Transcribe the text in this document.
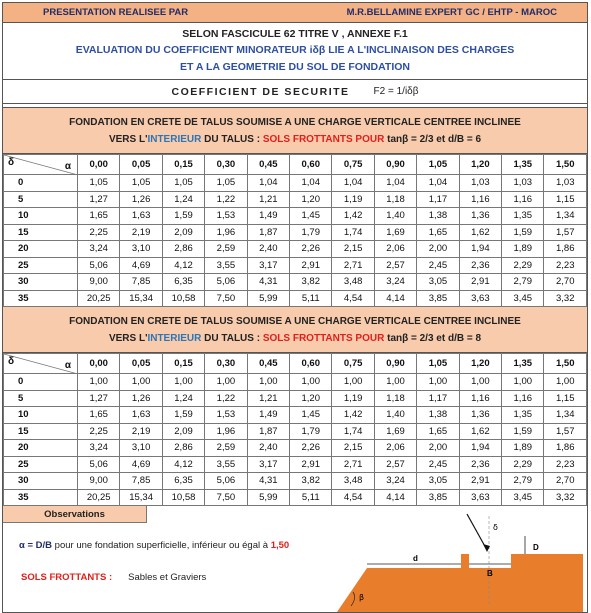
PRESENTATION REALISEE PAR	M.R.BELLAMINE EXPERT GC / EHTP - MAROC
SELON FASCICULE 62 TITRE V , ANNEXE F.1
EVALUATION DU COEFFICIENT MINORATEUR iδβ LIE A L'INCLINAISON DES CHARGES
ET A LA GEOMETRIE DU SOL DE FONDATION
COEFFICIENT DE SECURITE F2 = 1/iδβ
FONDATION EN CRETE DE TALUS SOUMISE A UNE CHARGE VERTICALE CENTREE INCLINEE
VERS L'INTERIEUR DU TALUS : SOLS FROTTANTS POUR tanβ = 2/3 et d/B = 6
δ α	0,00	0,05	0,15	0,30	0,45	0,60	0,75	0,90	1,05	1,20	1,35	1,50
0	1,05	1,05	1,05	1,05	1,04	1,04	1,04	1,04	1,04	1,03	1,03	1,03
5	1,27	1,26	1,24	1,22	1,21	1,20	1,19	1,18	1,17	1,16	1,16	1,15
10	1,65	1,63	1,59	1,53	1,49	1,45	1,42	1,40	1,38	1,36	1,35	1,34
15	2,25	2,19	2,09	1,96	1,87	1,79	1,74	1,69	1,65	1,62	1,59	1,57
20	3,24	3,10	2,86	2,59	2,40	2,26	2,15	2,06	2,00	1,94	1,89	1,86
25	5,06	4,69	4,12	3,55	3,17	2,91	2,71	2,57	2,45	2,36	2,29	2,23
30	9,00	7,85	6,35	5,06	4,31	3,82	3,48	3,24	3,05	2,91	2,79	2,70
35	20,25	15,34	10,58	7,50	5,99	5,11	4,54	4,14	3,85	3,63	3,45	3,32
FONDATION EN CRETE DE TALUS SOUMISE A UNE CHARGE VERTICALE CENTREE INCLINEE
VERS L'INTERIEUR DU TALUS : SOLS FROTTANTS POUR tanβ = 2/3 et d/B = 8
δ α	0,00	0,05	0,15	0,30	0,45	0,60	0,75	0,90	1,05	1,20	1,35	1,50
0	1,00	1,00	1,00	1,00	1,00	1,00	1,00	1,00	1,00	1,00	1,00	1,00
5	1,27	1,26	1,24	1,22	1,21	1,20	1,19	1,18	1,17	1,16	1,16	1,15
10	1,65	1,63	1,59	1,53	1,49	1,45	1,42	1,40	1,38	1,36	1,35	1,34
15	2,25	2,19	2,09	1,96	1,87	1,79	1,74	1,69	1,65	1,62	1,59	1,57
20	3,24	3,10	2,86	2,59	2,40	2,26	2,15	2,06	2,00	1,94	1,89	1,86
25	5,06	4,69	4,12	3,55	3,17	2,91	2,71	2,57	2,45	2,36	2,29	2,23
30	9,00	7,85	6,35	5,06	4,31	3,82	3,48	3,24	3,05	2,91	2,79	2,70
35	20,25	15,34	10,58	7,50	5,99	5,11	4,54	4,14	3,85	3,63	3,45	3,32
Observations
α = D/B pour une fondation superficielle, inférieur ou égal à 1,50
SOLS FROTTANTS : Sables et Graviers
d
B
D
δ
β
